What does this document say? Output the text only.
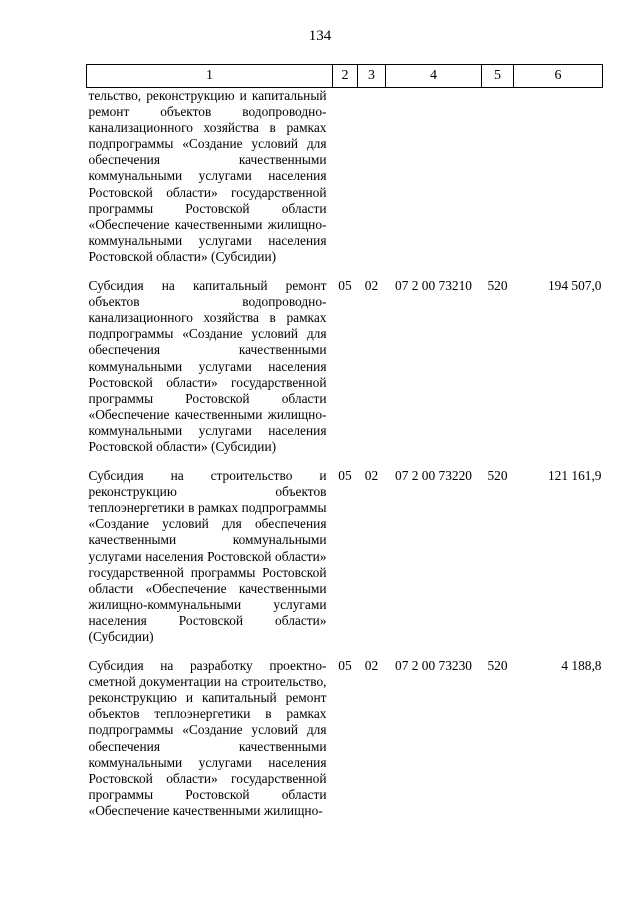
134
1	2	3	4	5	6
тельство, реконструкцию и капитальный ремонт объектов водопроводно-канализационного хозяйства в рамках подпрограммы «Создание условий для обеспечения качественными коммунальными услугами населения Ростовской области» государственной программы Ростовской области «Обеспечение качественными жилищно-коммунальными услугами населения Ростовской области» (Субсидии)					
Субсидия на капитальный ремонт объектов водопроводно-канализационного хозяйства в рамках подпрограммы «Создание условий для обеспечения качественными коммунальными услугами населения Ростовской области» государственной программы Ростовской области «Обеспечение качественными жилищно-коммунальными услугами населения Ростовской области» (Субсидии)	05	02	07 2 00 73210	520	194 507,0
Субсидия на строительство и реконструкцию объектов теплоэнергетики в рамках подпрограммы «Создание условий для обеспечения качественными коммунальными услугами населения Ростовской области» государственной программы Ростовской области «Обеспечение качественными жилищно-коммунальными услугами населения Ростовской области» (Субсидии)	05	02	07 2 00 73220	520	121 161,9
Субсидия на разработку проектно-сметной документации на строительство, реконструкцию и капитальный ремонт объектов теплоэнергетики в рамках подпрограммы «Создание условий для обеспечения качественными коммунальными услугами населения Ростовской области» государственной программы Ростовской области «Обеспечение качественными жилищно-	05	02	07 2 00 73230	520	4 188,8
